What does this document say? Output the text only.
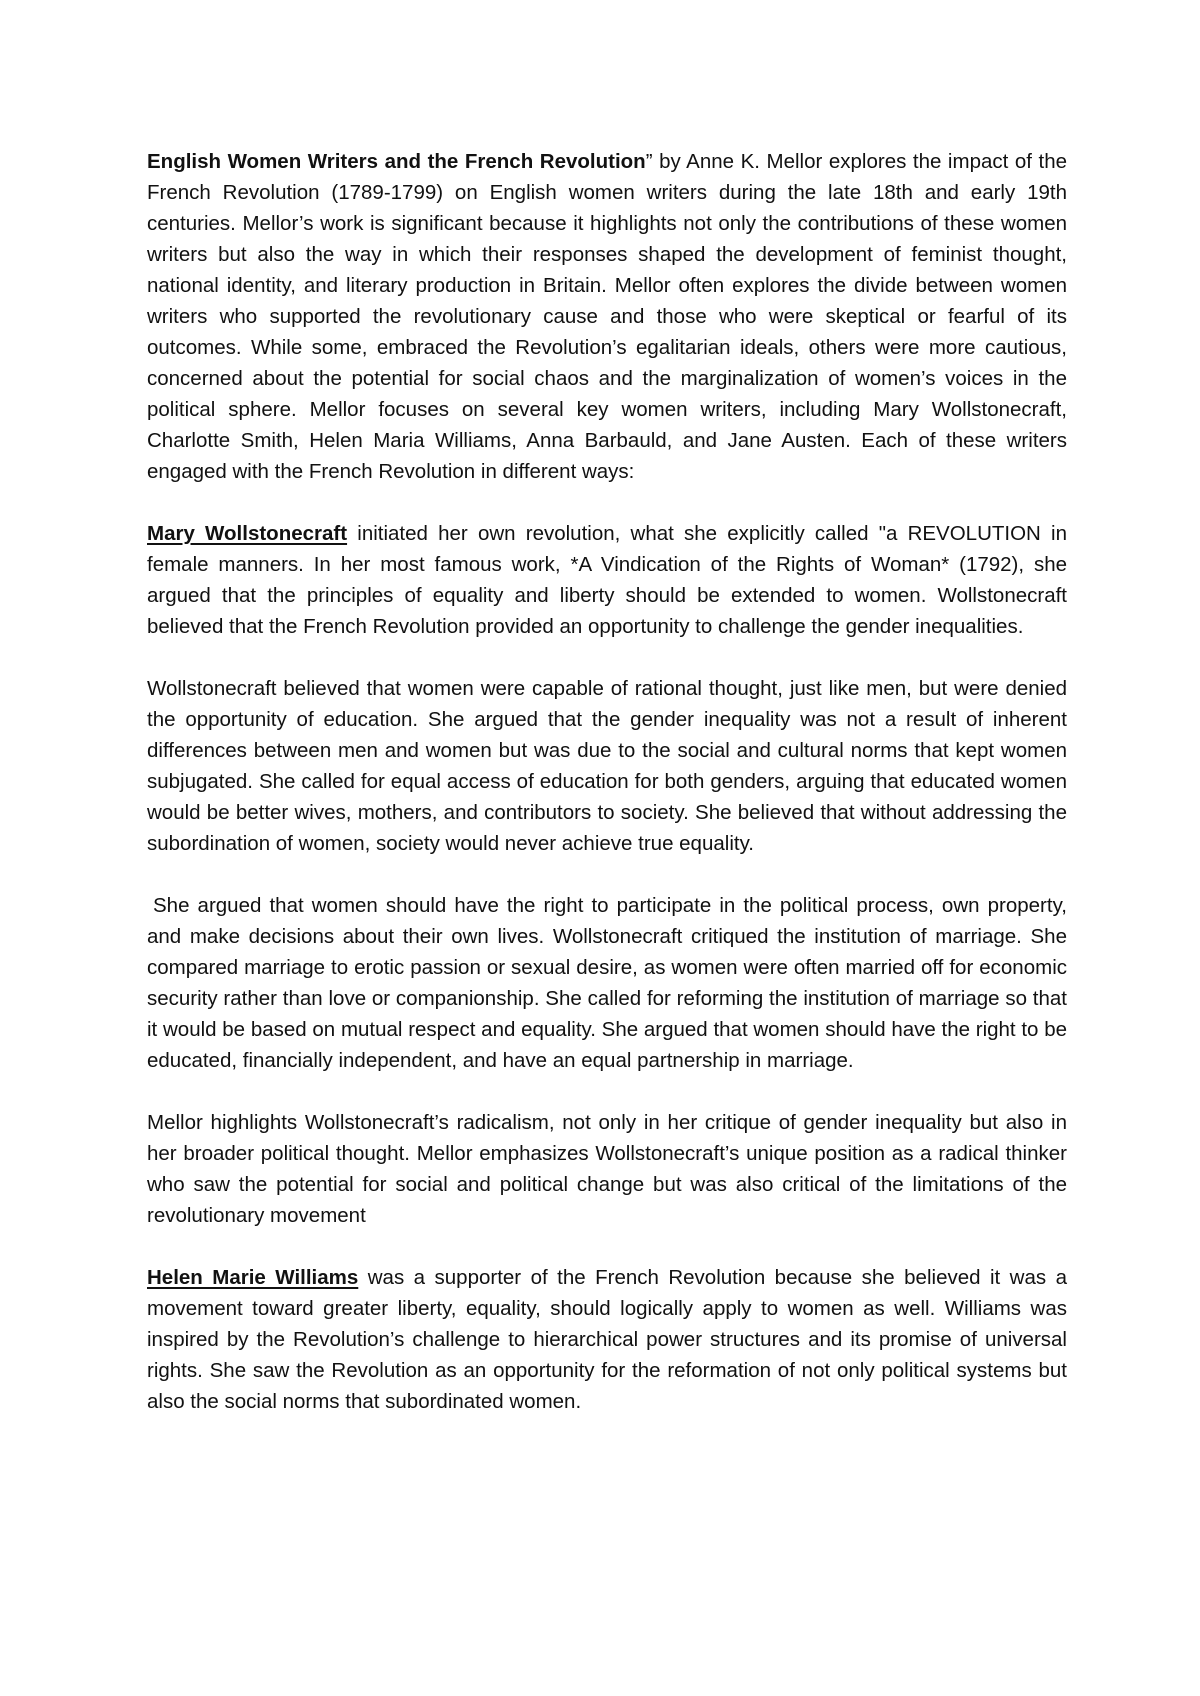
English Women Writers and the French Revolution” by Anne K. Mellor explores the impact of the French Revolution (1789-1799) on English women writers during the late 18th and early 19th centuries. Mellor’s work is significant because it highlights not only the contributions of these women writers but also the way in which their responses shaped the development of feminist thought, national identity, and literary production in Britain. Mellor often explores the divide between women writers who supported the revolutionary cause and those who were skeptical or fearful of its outcomes. While some, embraced the Revolution’s egalitarian ideals, others were more cautious, concerned about the potential for social chaos and the marginalization of women’s voices in the political sphere. Mellor focuses on several key women writers, including Mary Wollstonecraft, Charlotte Smith, Helen Maria Williams, Anna Barbauld, and Jane Austen. Each of these writers engaged with the French Revolution in different ways:

Mary Wollstonecraft initiated her own revolution, what she explicitly called "a REVOLUTION in female manners. In her most famous work, *A Vindication of the Rights of Woman* (1792), she argued that the principles of equality and liberty should be extended to women. Wollstonecraft believed that the French Revolution provided an opportunity to challenge the gender inequalities.

Wollstonecraft believed that women were capable of rational thought, just like men, but were denied the opportunity of education. She argued that the gender inequality was not a result of inherent differences between men and women but was due to the social and cultural norms that kept women subjugated. She called for equal access of education for both genders, arguing that educated women would be better wives, mothers, and contributors to society. She believed that without addressing the subordination of women, society would never achieve true equality.

She argued that women should have the right to participate in the political process, own property, and make decisions about their own lives. Wollstonecraft critiqued the institution of marriage. She compared marriage to erotic passion or sexual desire, as women were often married off for economic security rather than love or companionship. She called for reforming the institution of marriage so that it would be based on mutual respect and equality. She argued that women should have the right to be educated, financially independent, and have an equal partnership in marriage.

Mellor highlights Wollstonecraft’s radicalism, not only in her critique of gender inequality but also in her broader political thought. Mellor emphasizes Wollstonecraft’s unique position as a radical thinker who saw the potential for social and political change but was also critical of the limitations of the revolutionary movement

Helen Marie Williams was a supporter of the French Revolution because she believed it was a movement toward greater liberty, equality, should logically apply to women as well. Williams was inspired by the Revolution’s challenge to hierarchical power structures and its promise of universal rights. She saw the Revolution as an opportunity for the reformation of not only political systems but also the social norms that subordinated women.
